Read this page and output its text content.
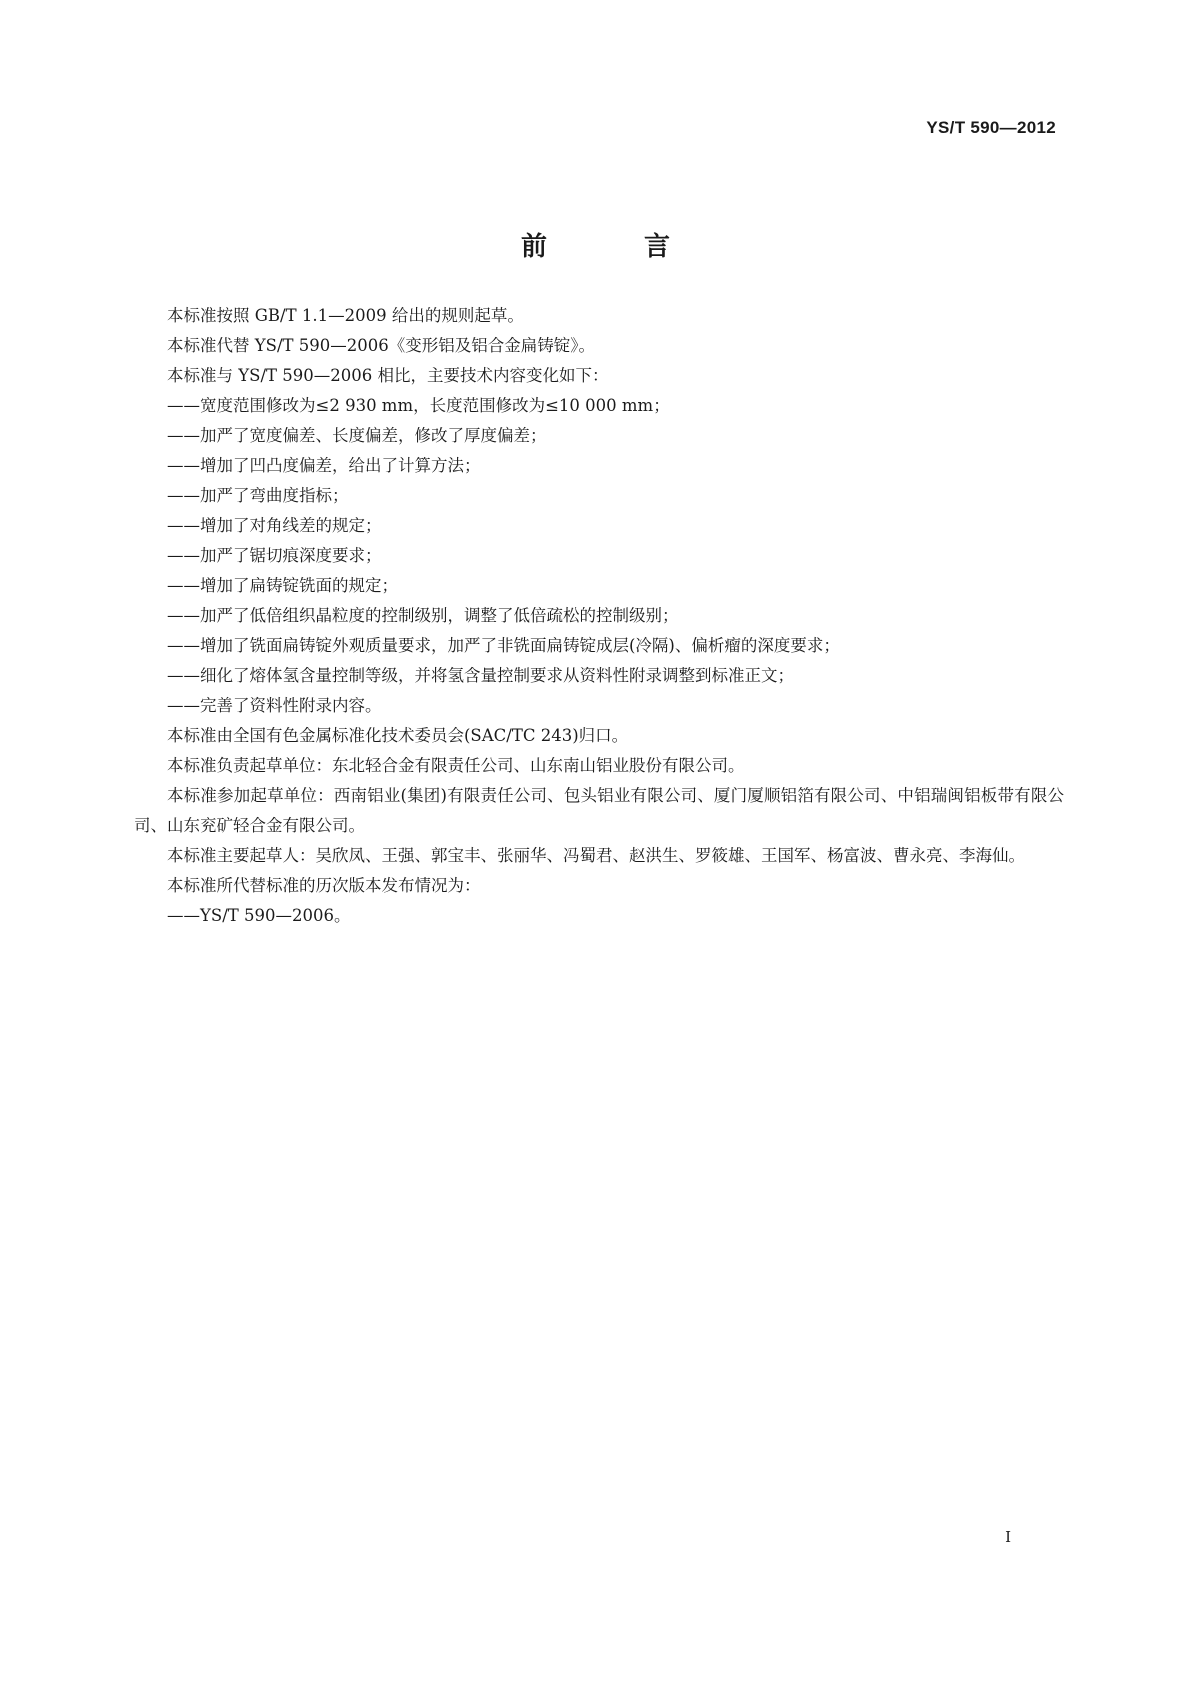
YS/T 590—2012
前 言

本标准按照 GB/T 1.1—2009 给出的规则起草。

本标准代替 YS/T 590—2006《变形铝及铝合金扁铸锭》。

本标准与 YS/T 590—2006 相比，主要技术内容变化如下：

——宽度范围修改为≤2 930 mm，长度范围修改为≤10 000 mm；

——加严了宽度偏差、长度偏差，修改了厚度偏差；

——增加了凹凸度偏差，给出了计算方法；

——加严了弯曲度指标；

——增加了对角线差的规定；

——加严了锯切痕深度要求；

——增加了扁铸锭铣面的规定；

——加严了低倍组织晶粒度的控制级别，调整了低倍疏松的控制级别；

——增加了铣面扁铸锭外观质量要求，加严了非铣面扁铸锭成层(冷隔)、偏析瘤的深度要求；

——细化了熔体氢含量控制等级，并将氢含量控制要求从资料性附录调整到标准正文；

——完善了资料性附录内容。

本标准由全国有色金属标准化技术委员会(SAC/TC 243)归口。

本标准负责起草单位：东北轻合金有限责任公司、山东南山铝业股份有限公司。

本标准参加起草单位：西南铝业(集团)有限责任公司、包头铝业有限公司、厦门厦顺铝箔有限公司、中铝瑞闽铝板带有限公司、山东兖矿轻合金有限公司。

本标准主要起草人：吴欣凤、王强、郭宝丰、张丽华、冯蜀君、赵洪生、罗筱雄、王国军、杨富波、曹永亮、李海仙。

本标准所代替标准的历次版本发布情况为：

——YS/T 590—2006。

I
